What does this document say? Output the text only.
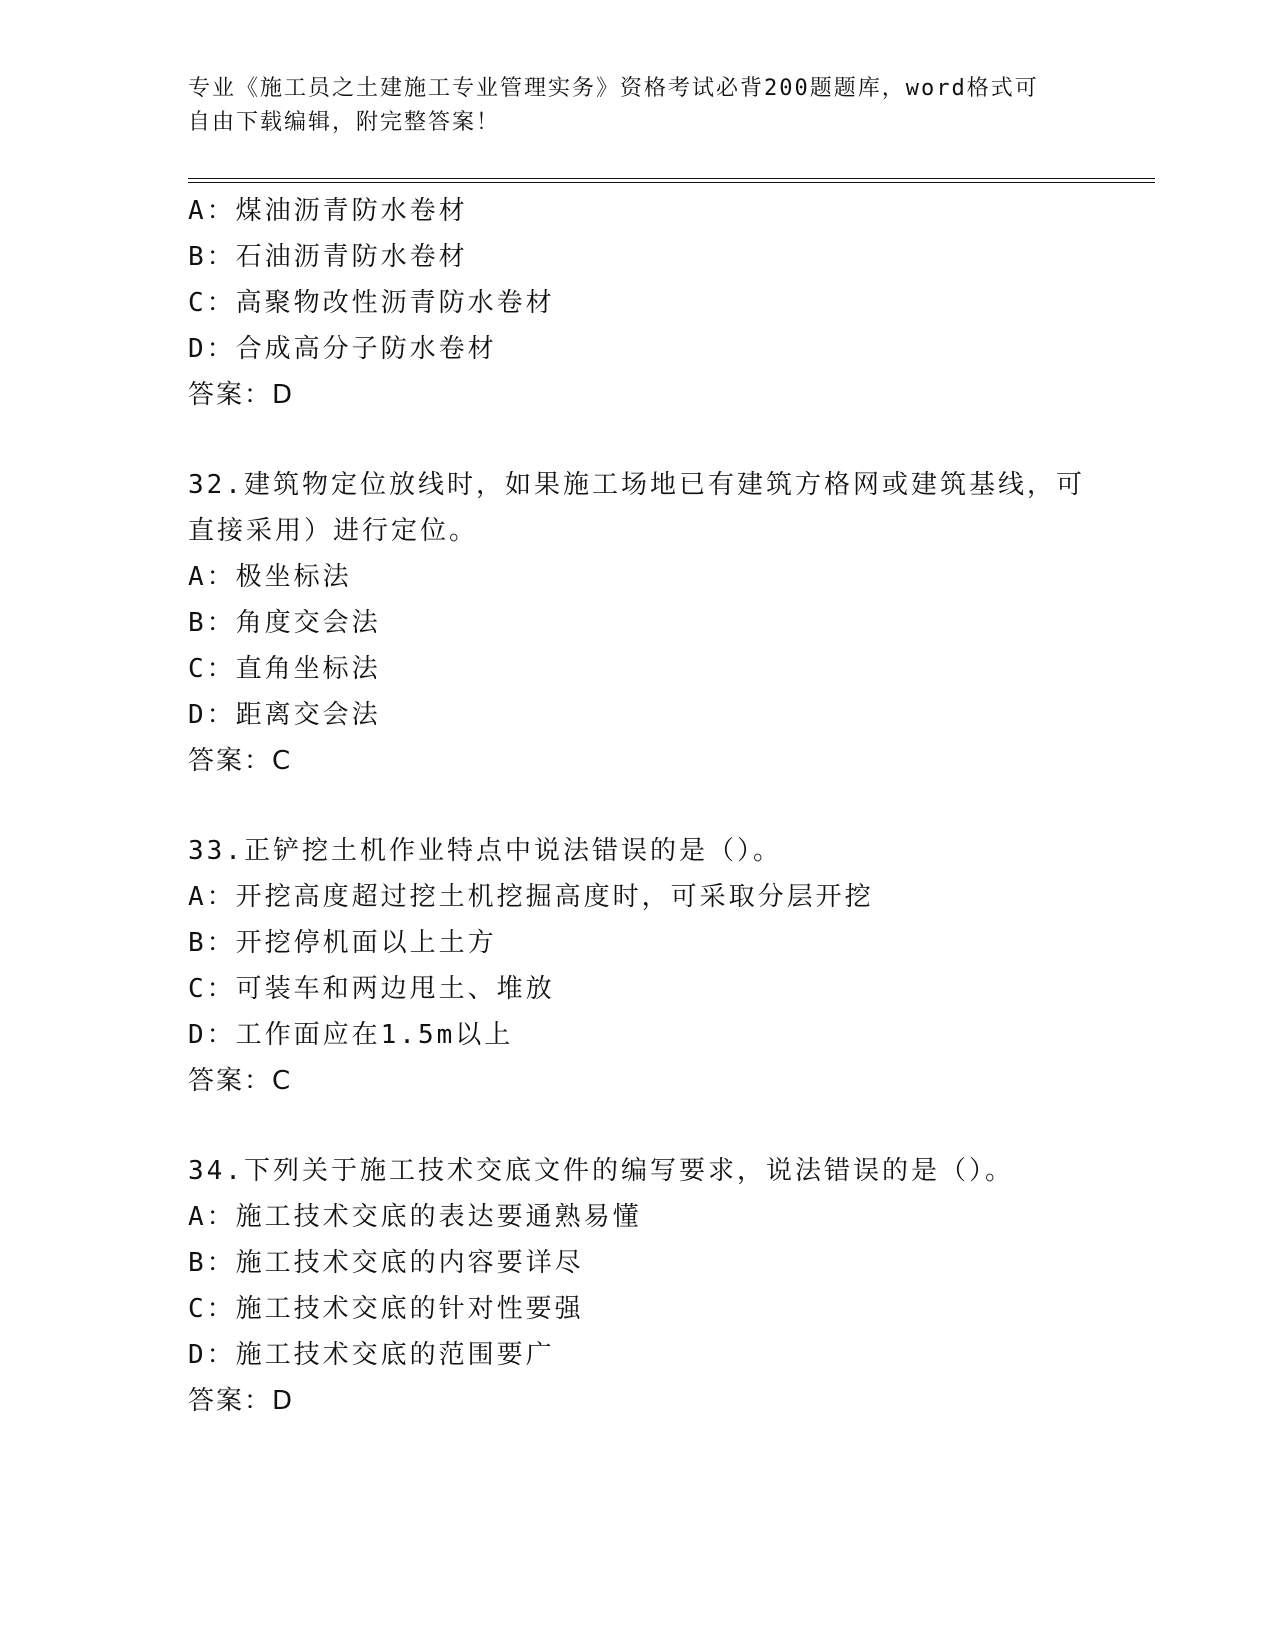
专业《施工员之土建施工专业管理实务》资格考试必背200题题库，word格式可
自由下载编辑，附完整答案！
A：煤油沥青防水卷材
B：石油沥青防水卷材
C：高聚物改性沥青防水卷材
D：合成高分子防水卷材
答案：D
32.建筑物定位放线时，如果施工场地已有建筑方格网或建筑基线，可
直接采用）进行定位。
A：极坐标法
B：角度交会法
C：直角坐标法
D：距离交会法
答案：C
33.正铲挖土机作业特点中说法错误的是（）。
A：开挖高度超过挖土机挖掘高度时，可采取分层开挖
B：开挖停机面以上土方
C：可装车和两边甩土、堆放
D：工作面应在1.5m以上
答案：C
34.下列关于施工技术交底文件的编写要求，说法错误的是（）。
A：施工技术交底的表达要通熟易懂
B：施工技术交底的内容要详尽
C：施工技术交底的针对性要强
D：施工技术交底的范围要广
答案：D
